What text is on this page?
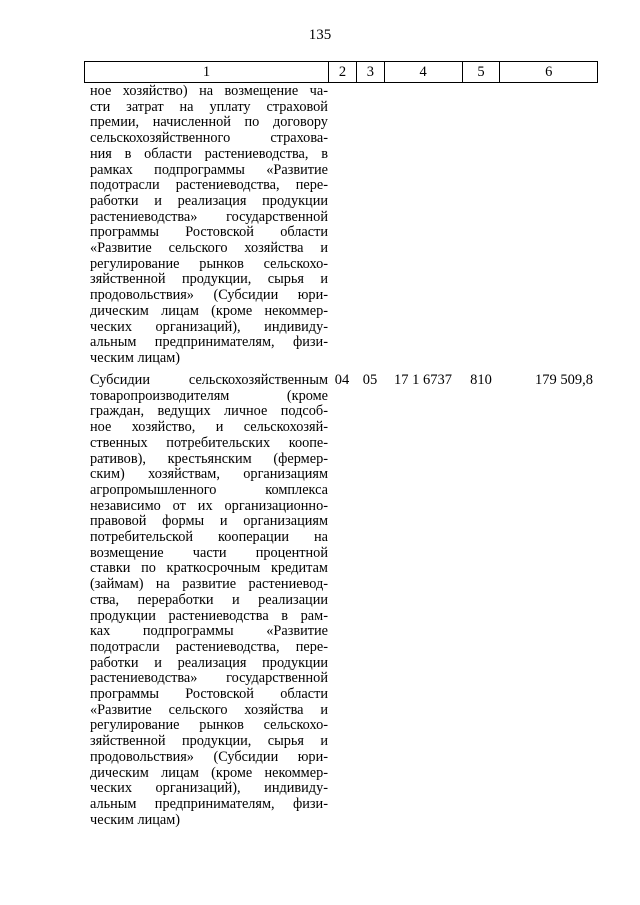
135
1	2	3	4	5	6
ное хозяйство) на возмещение ча-
сти затрат на уплату страховой
премии, начисленной по договору
сельскохозяйственного	страхова-
ния в области растениеводства, в
рамках подпрограммы «Развитие
подотрасли растениеводства, пере-
работки и реализация продукции
растениеводства» государственной
программы Ростовской области
«Развитие сельского хозяйства и
регулирование рынков сельскохо-
зяйственной продукции, сырья и
продовольствия» (Субсидии юри-
дическим лицам (кроме некоммер-
ческих организаций), индивиду-
альным предпринимателям, физи-
ческим лицам)
Субсидии	сельскохозяйственным
товаропроизводителям	(кроме
граждан, ведущих личное подсоб-
ное хозяйство, и сельскохозяй-
ственных потребительских коопе-
ративов), крестьянским (фермер-
ским) хозяйствам, организациям
агропромышленного	комплекса
независимо от их организационно-
правовой формы и организациям
потребительской кооперации на
возмещение части процентной
ставки по краткосрочным кредитам
(займам) на развитие растениевод-
ства, переработки и реализации
продукции растениеводства в рам-
ках подпрограммы «Развитие
подотрасли растениеводства, пере-
работки и реализация продукции
растениеводства» государственной
программы Ростовской области
«Развитие сельского хозяйства и
регулирование рынков сельскохо-
зяйственной продукции, сырья и
продовольствия» (Субсидии юри-
дическим лицам (кроме некоммер-
ческих организаций), индивиду-
альным предпринимателям, физи-
ческим лицам)
04 05	17 1 6737	810	179 509,8
